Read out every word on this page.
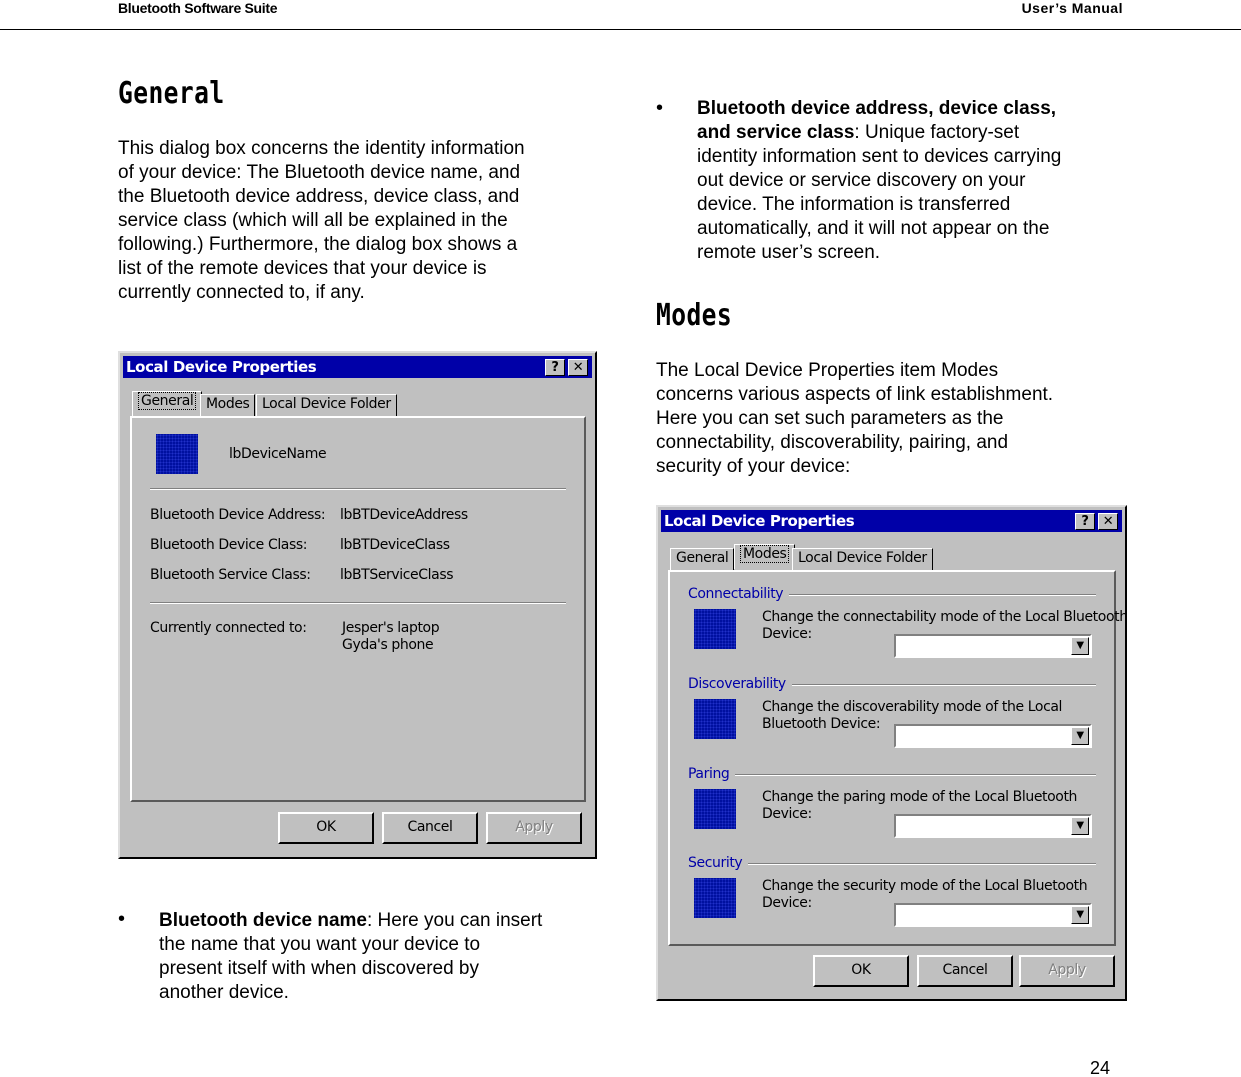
Bluetooth Software Suite	User’s Manual
General
This dialog box concerns the identity information
of your device: The Bluetooth device name, and
the Bluetooth device address, device class, and
service class (which will all be explained in the
following.) Furthermore, the dialog box shows a
list of the remote devices that your device is
currently connected to, if any.
Local Device Properties	?	✕
lbDeviceName
Bluetooth Device Address: lbBTDeviceAddress
Bluetooth Device Class: lbBTDeviceClass
Bluetooth Service Class: lbBTServiceClass
Currently connected to:	Jesper's laptop
Gyda's phone
General Modes Local Device Folder
OK	Cancel	Apply
• Bluetooth device name: Here you can insert
the name that you want your device to
present itself with when discovered by
another device.
• Bluetooth device address, device class,
and service class: Unique factory-set
identity information sent to devices carrying
out device or service discovery on your
device. The information is transferred
automatically, and it will not appear on the
remote user’s screen.
Modes
The Local Device Properties item Modes
concerns various aspects of link establishment.
Here you can set such parameters as the
connectability, discoverability, pairing, and
security of your device:
Local Device Properties	?	✕
Connectability
Change the connectability mode of the Local Bluetooth
Device:
▼
Discoverability
Change the discoverability mode of the Local
Bluetooth Device:
▼
Paring
Change the paring mode of the Local Bluetooth
Device:
▼
Security
Change the security mode of the Local Bluetooth
Device:
▼
General	Modes Local Device Folder
OK	Cancel	Apply
24
